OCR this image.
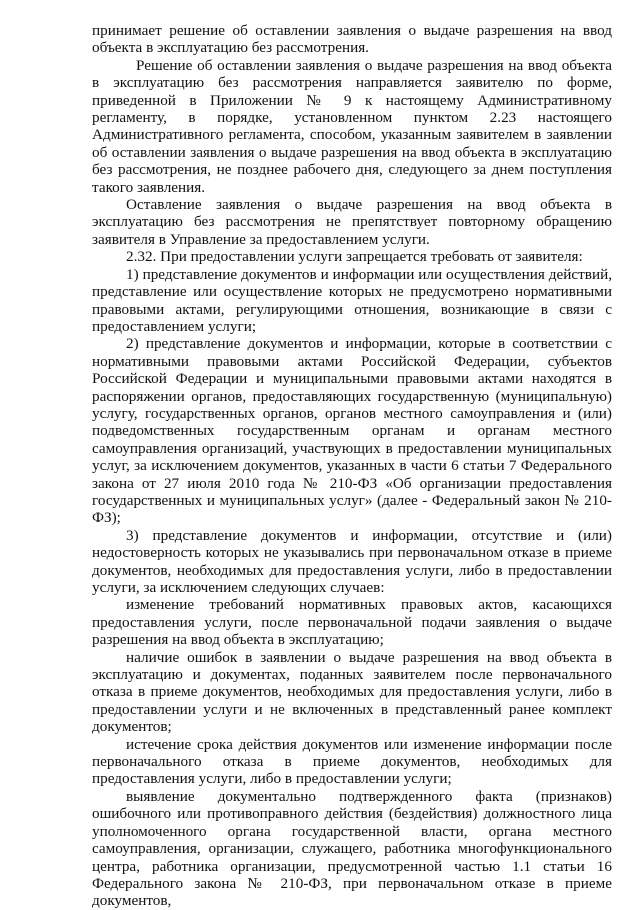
принимает решение об оставлении заявления о выдаче разрешения на ввод объекта в эксплуатацию без рассмотрения.

Решение об оставлении заявления о выдаче разрешения на ввод объекта в эксплуатацию без рассмотрения направляется заявителю по форме, приведенной в Приложении № 9 к настоящему Административному регламенту, в порядке, установленном пунктом 2.23 настоящего Административного регламента, способом, указанным заявителем в заявлении об оставлении заявления о выдаче разрешения на ввод объекта в эксплуатацию без рассмотрения, не позднее рабочего дня, следующего за днем поступления такого заявления.

Оставление заявления о выдаче разрешения на ввод объекта в эксплуатацию без рассмотрения не препятствует повторному обращению заявителя в Управление за предоставлением услуги.

2.32. При предоставлении услуги запрещается требовать от заявителя:

1) представление документов и информации или осуществления действий, представление или осуществление которых не предусмотрено нормативными правовыми актами, регулирующими отношения, возникающие в связи с предоставлением услуги;

2) представление документов и информации, которые в соответствии с нормативными правовыми актами Российской Федерации, субъектов Российской Федерации и муниципальными правовыми актами находятся в распоряжении органов, предоставляющих государственную (муниципальную) услугу, государственных органов, органов местного самоуправления и (или) подведомственных государственным органам и органам местного самоуправления организаций, участвующих в предоставлении муниципальных услуг, за исключением документов, указанных в части 6 статьи 7 Федерального закона от 27 июля 2010 года № 210-ФЗ «Об организации предоставления государственных и муниципальных услуг» (далее - Федеральный закон № 210-ФЗ);

3) представление документов и информации, отсутствие и (или) недостоверность которых не указывались при первоначальном отказе в приеме документов, необходимых для предоставления услуги, либо в предоставлении услуги, за исключением следующих случаев:

изменение требований нормативных правовых актов, касающихся предоставления услуги, после первоначальной подачи заявления о выдаче разрешения на ввод объекта в эксплуатацию;

наличие ошибок в заявлении о выдаче разрешения на ввод объекта в эксплуатацию и документах, поданных заявителем после первоначального отказа в приеме документов, необходимых для предоставления услуги, либо в предоставлении услуги и не включенных в представленный ранее комплект документов;

истечение срока действия документов или изменение информации после первоначального отказа в приеме документов, необходимых для предоставления услуги, либо в предоставлении услуги;

выявление документально подтвержденного факта (признаков) ошибочного или противоправного действия (бездействия) должностного лица уполномоченного органа государственной власти, органа местного самоуправления, организации, служащего, работника многофункционального центра, работника организации, предусмотренной частью 1.1 статьи 16 Федерального закона № 210-ФЗ, при первоначальном отказе в приеме документов,
